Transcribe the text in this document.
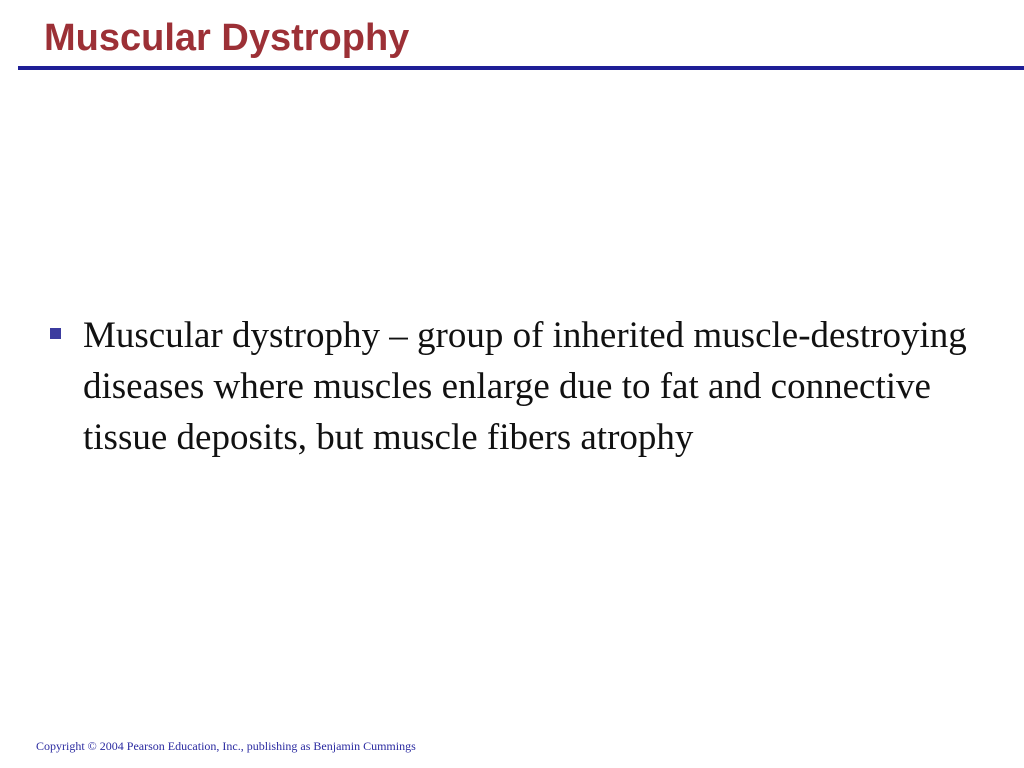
Muscular Dystrophy
Muscular dystrophy – group of inherited muscle-destroying diseases where muscles enlarge due to fat and connective tissue deposits, but muscle fibers atrophy

Copyright © 2004 Pearson Education, Inc., publishing as Benjamin Cummings
